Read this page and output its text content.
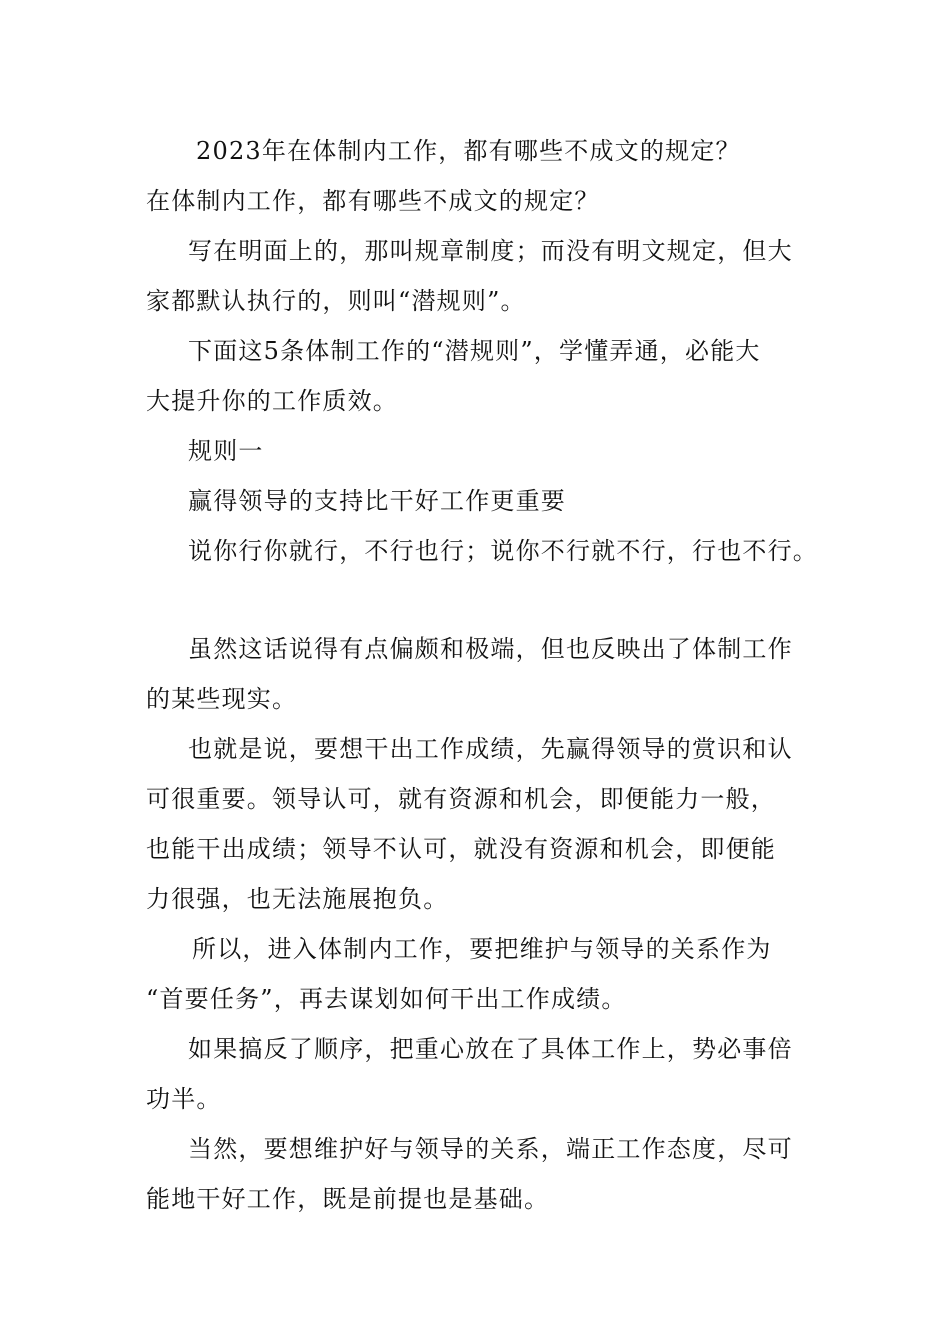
2023年在体制内工作，都有哪些不成文的规定？
在体制内工作，都有哪些不成文的规定？
写在明面上的，那叫规章制度；而没有明文规定，但大
家都默认执行的，则叫“潜规则”。
下面这5条体制工作的“潜规则”，学懂弄通，必能大
大提升你的工作质效。
规则一
赢得领导的支持比干好工作更重要
说你行你就行，不行也行；说你不行就不行，行也不行。
虽然这话说得有点偏颇和极端，但也反映出了体制工作
的某些现实。
也就是说，要想干出工作成绩，先赢得领导的赏识和认
可很重要。领导认可，就有资源和机会，即便能力一般，
也能干出成绩；领导不认可，就没有资源和机会，即便能
力很强，也无法施展抱负。
所以，进入体制内工作，要把维护与领导的关系作为
“首要任务”，再去谋划如何干出工作成绩。
如果搞反了顺序，把重心放在了具体工作上，势必事倍
功半。
当然，要想维护好与领导的关系，端正工作态度，尽可
能地干好工作，既是前提也是基础。
